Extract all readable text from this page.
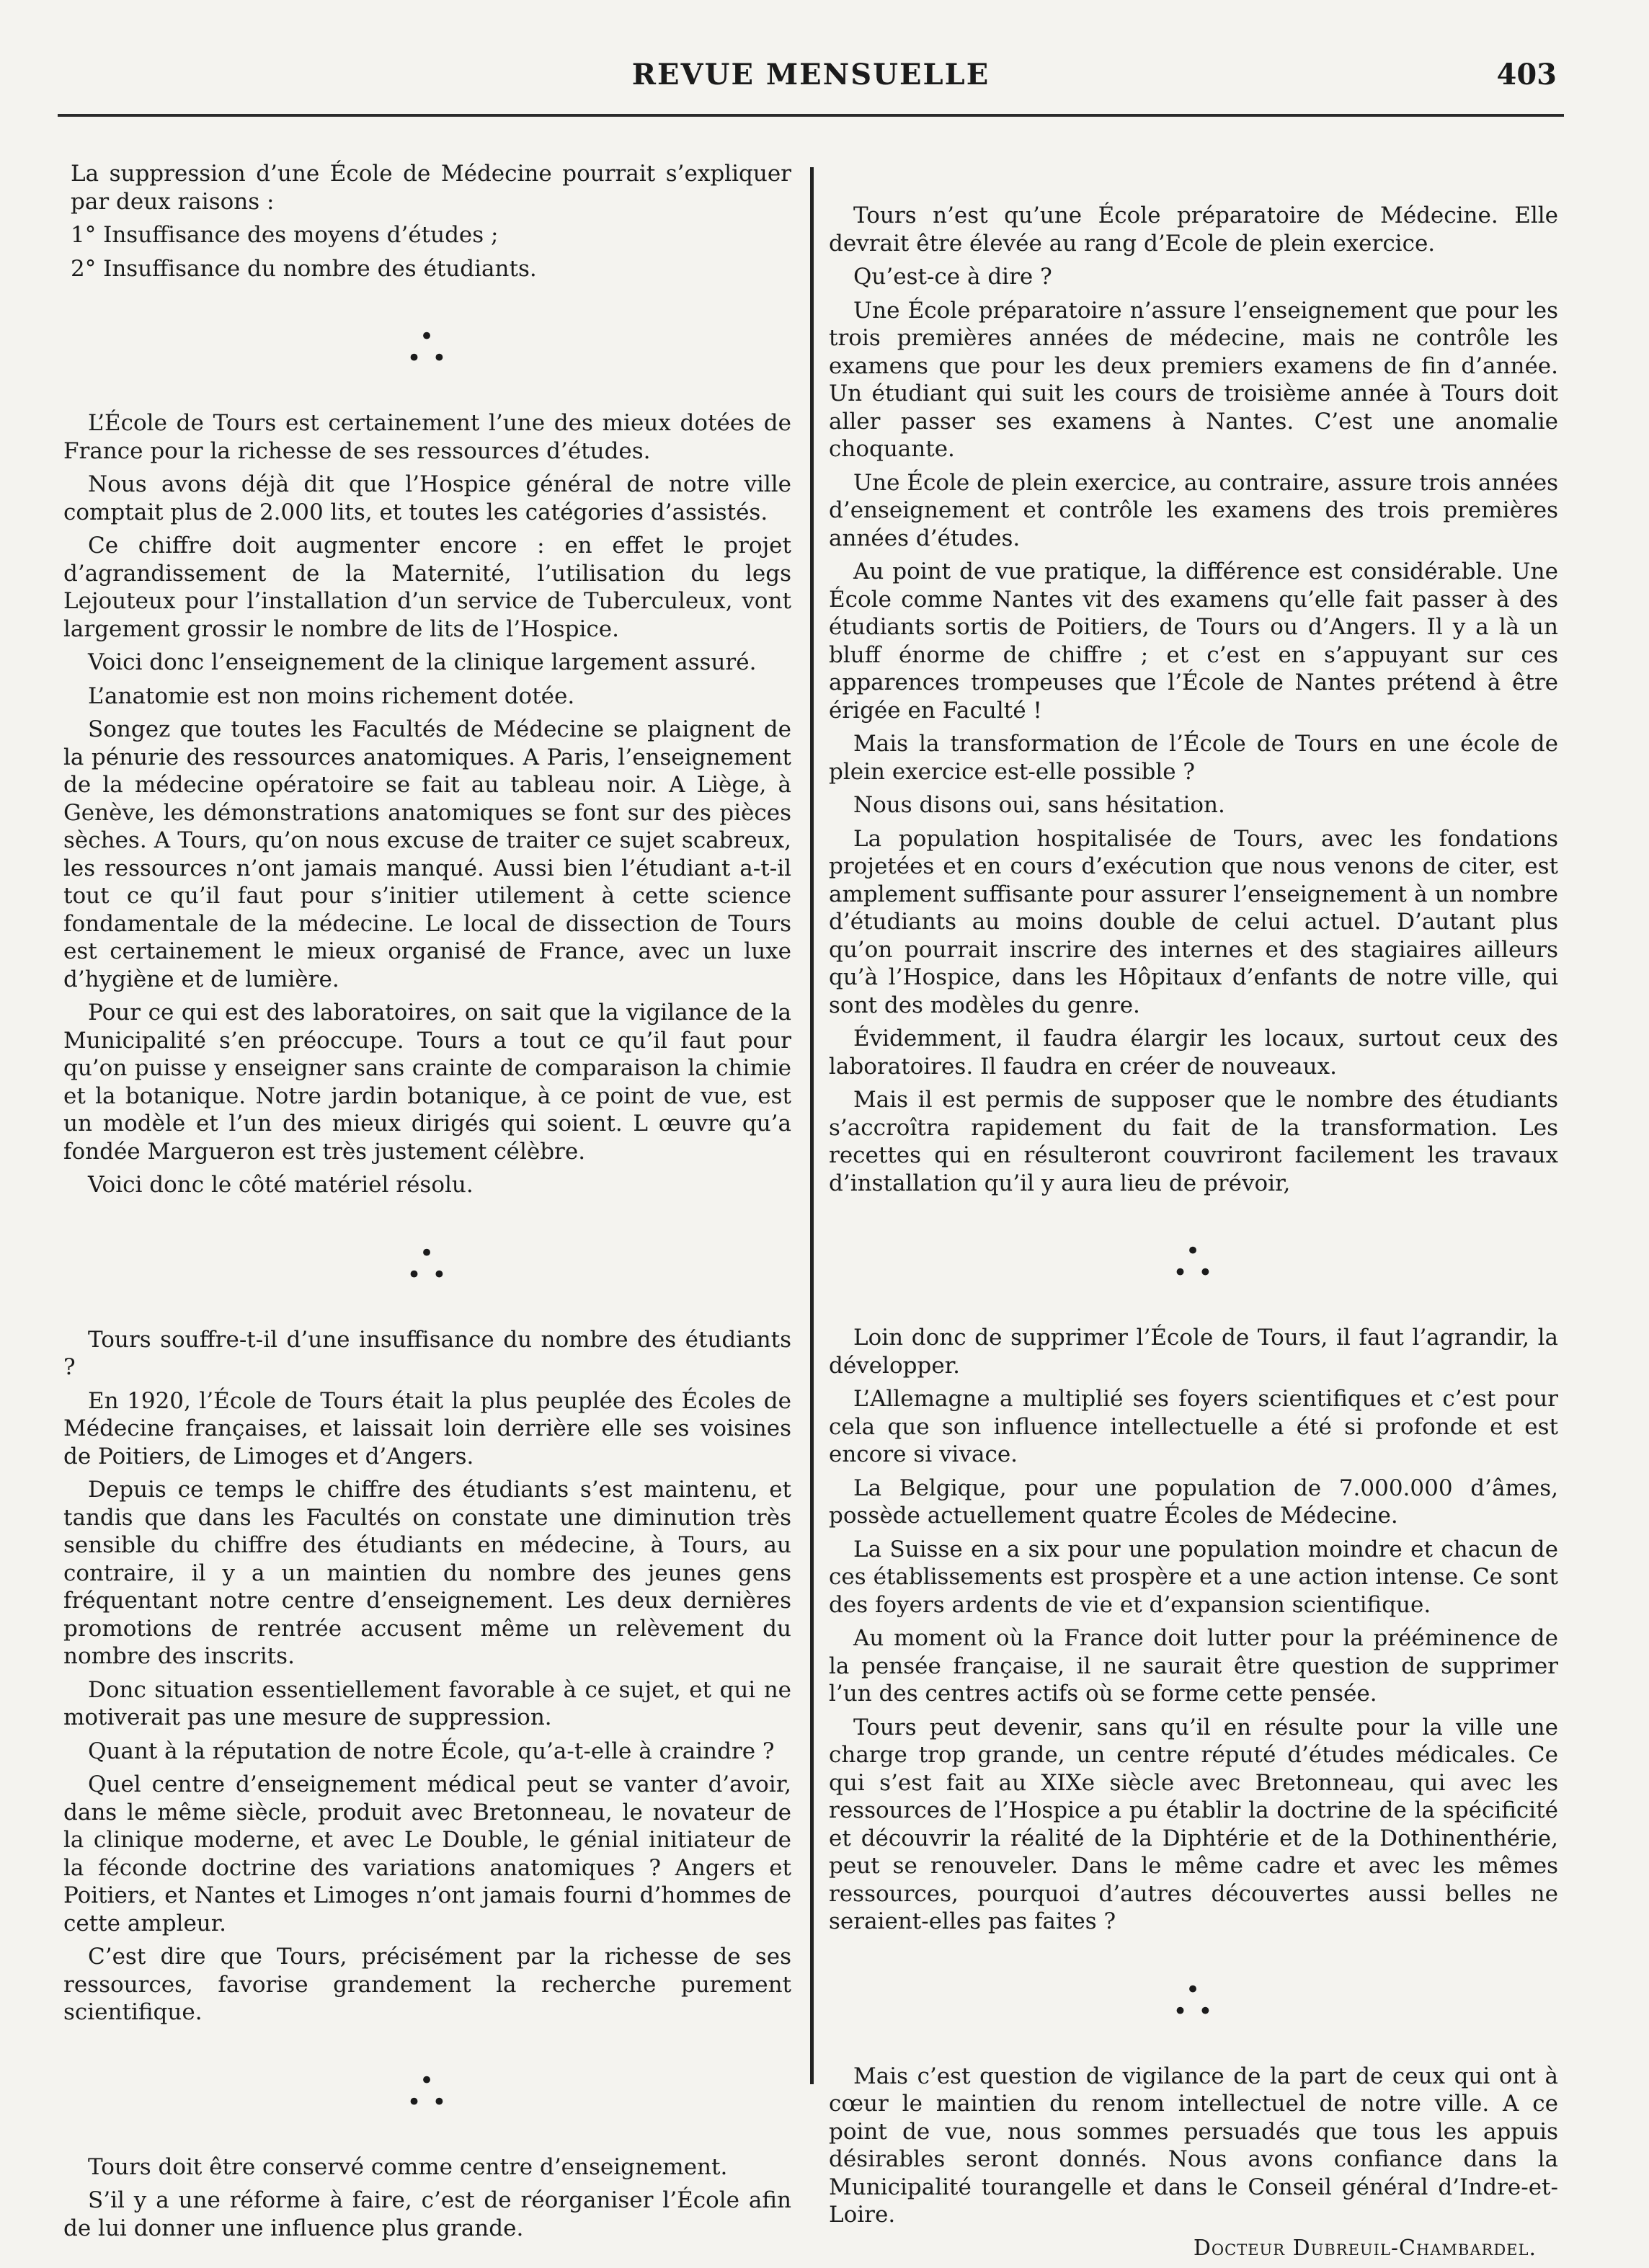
REVUE MENSUELLE	403

La suppression d’une École de Médecine pourrait s’expliquer par deux raisons :

1° Insuffisance des moyens d’études ;

2° Insuffisance du nombre des étudiants.

•
• •

L’École de Tours est certainement l’une des mieux dotées de France pour la richesse de ses ressources d’études.

Nous avons déjà dit que l’Hospice général de notre ville comptait plus de 2.000 lits, et toutes les catégories d’assistés.

Ce chiffre doit augmenter encore : en effet le projet d’agrandissement de la Maternité, l’utilisation du legs Lejouteux pour l’installation d’un service de Tuberculeux, vont largement grossir le nombre de lits de l’Hospice.

Voici donc l’enseignement de la clinique largement assuré.

L’anatomie est non moins richement dotée.

Songez que toutes les Facultés de Médecine se plaignent de la pénurie des ressources anatomiques. A Paris, l’enseignement de la médecine opératoire se fait au tableau noir. A Liège, à Genève, les démonstrations anatomiques se font sur des pièces sèches. A Tours, qu’on nous excuse de traiter ce sujet scabreux, les ressources n’ont jamais manqué. Aussi bien l’étudiant a-t-il tout ce qu’il faut pour s’initier utilement à cette science fondamentale de la médecine. Le local de dissection de Tours est certainement le mieux organisé de France, avec un luxe d’hygiène et de lumière.

Pour ce qui est des laboratoires, on sait que la vigilance de la Municipalité s’en préoccupe. Tours a tout ce qu’il faut pour qu’on puisse y enseigner sans crainte de comparaison la chimie et la botanique. Notre jardin botanique, à ce point de vue, est un modèle et l’un des mieux dirigés qui soient. L œuvre qu’a fondée Margueron est très justement célèbre.

Voici donc le côté matériel résolu.

•
• •

Tours souffre-t-il d’une insuffisance du nombre des étudiants ?

En 1920, l’École de Tours était la plus peuplée des Écoles de Médecine françaises, et laissait loin derrière elle ses voisines de Poitiers, de Limoges et d’Angers.

Depuis ce temps le chiffre des étudiants s’est maintenu, et tandis que dans les Facultés on constate une diminution très sensible du chiffre des étudiants en médecine, à Tours, au contraire, il y a un maintien du nombre des jeunes gens fréquentant notre centre d’enseignement. Les deux dernières promotions de rentrée accusent même un relèvement du nombre des inscrits.

Donc situation essentiellement favorable à ce sujet, et qui ne motiverait pas une mesure de suppression.

Quant à la réputation de notre École, qu’a-t-elle à craindre ?

Quel centre d’enseignement médical peut se vanter d’avoir, dans le même siècle, produit avec Bretonneau, le novateur de la clinique moderne, et avec Le Double, le génial initiateur de la féconde doctrine des variations anatomiques ? Angers et Poitiers, et Nantes et Limoges n’ont jamais fourni d’hommes de cette ampleur.

C’est dire que Tours, précisément par la richesse de ses ressources, favorise grandement la recherche purement scientifique.

•
• •

Tours doit être conservé comme centre d’enseignement.

S’il y a une réforme à faire, c’est de réorganiser l’École afin de lui donner une influence plus grande.

Tours n’est qu’une École préparatoire de Médecine. Elle devrait être élevée au rang d’Ecole de plein exercice.

Qu’est-ce à dire ?

Une École préparatoire n’assure l’enseignement que pour les trois premières années de médecine, mais ne contrôle les examens que pour les deux premiers examens de fin d’année. Un étudiant qui suit les cours de troisième année à Tours doit aller passer ses examens à Nantes. C’est une anomalie choquante.

Une École de plein exercice, au contraire, assure trois années d’enseignement et contrôle les examens des trois premières années d’études.

Au point de vue pratique, la différence est considérable. Une École comme Nantes vit des examens qu’elle fait passer à des étudiants sortis de Poitiers, de Tours ou d’Angers. Il y a là un bluff énorme de chiffre ; et c’est en s’appuyant sur ces apparences trompeuses que l’École de Nantes prétend à être érigée en Faculté !

Mais la transformation de l’École de Tours en une école de plein exercice est-elle possible ?

Nous disons oui, sans hésitation.

La population hospitalisée de Tours, avec les fondations projetées et en cours d’exécution que nous venons de citer, est amplement suffisante pour assurer l’enseignement à un nombre d’étudiants au moins double de celui actuel. D’autant plus qu’on pourrait inscrire des internes et des stagiaires ailleurs qu’à l’Hospice, dans les Hôpitaux d’enfants de notre ville, qui sont des modèles du genre.

Évidemment, il faudra élargir les locaux, surtout ceux des laboratoires. Il faudra en créer de nouveaux.

Mais il est permis de supposer que le nombre des étudiants s’accroîtra rapidement du fait de la transformation. Les recettes qui en résulteront couvriront facilement les travaux d’installation qu’il y aura lieu de prévoir,

•
• •

Loin donc de supprimer l’École de Tours, il faut l’agrandir, la développer.

L’Allemagne a multiplié ses foyers scientifiques et c’est pour cela que son influence intellectuelle a été si profonde et est encore si vivace.

La Belgique, pour une population de 7.000.000 d’âmes, possède actuellement quatre Écoles de Médecine.

La Suisse en a six pour une population moindre et chacun de ces établissements est prospère et a une action intense. Ce sont des foyers ardents de vie et d’expansion scientifique.

Au moment où la France doit lutter pour la prééminence de la pensée française, il ne saurait être question de supprimer l’un des centres actifs où se forme cette pensée.

Tours peut devenir, sans qu’il en résulte pour la ville une charge trop grande, un centre réputé d’études médicales. Ce qui s’est fait au XIXe siècle avec Bretonneau, qui avec les ressources de l’Hospice a pu établir la doctrine de la spécificité et découvrir la réalité de la Diphtérie et de la Dothinenthérie, peut se renouveler. Dans le même cadre et avec les mêmes ressources, pourquoi d’autres découvertes aussi belles ne seraient-elles pas faites ?

•
• •

Mais c’est question de vigilance de la part de ceux qui ont à cœur le maintien du renom intellectuel de notre ville. A ce point de vue, nous sommes persuadés que tous les appuis désirables seront donnés. Nous avons confiance dans la Municipalité tourangelle et dans le Conseil général d’Indre-et-Loire.

Docteur Dubreuil-Chambardel.
